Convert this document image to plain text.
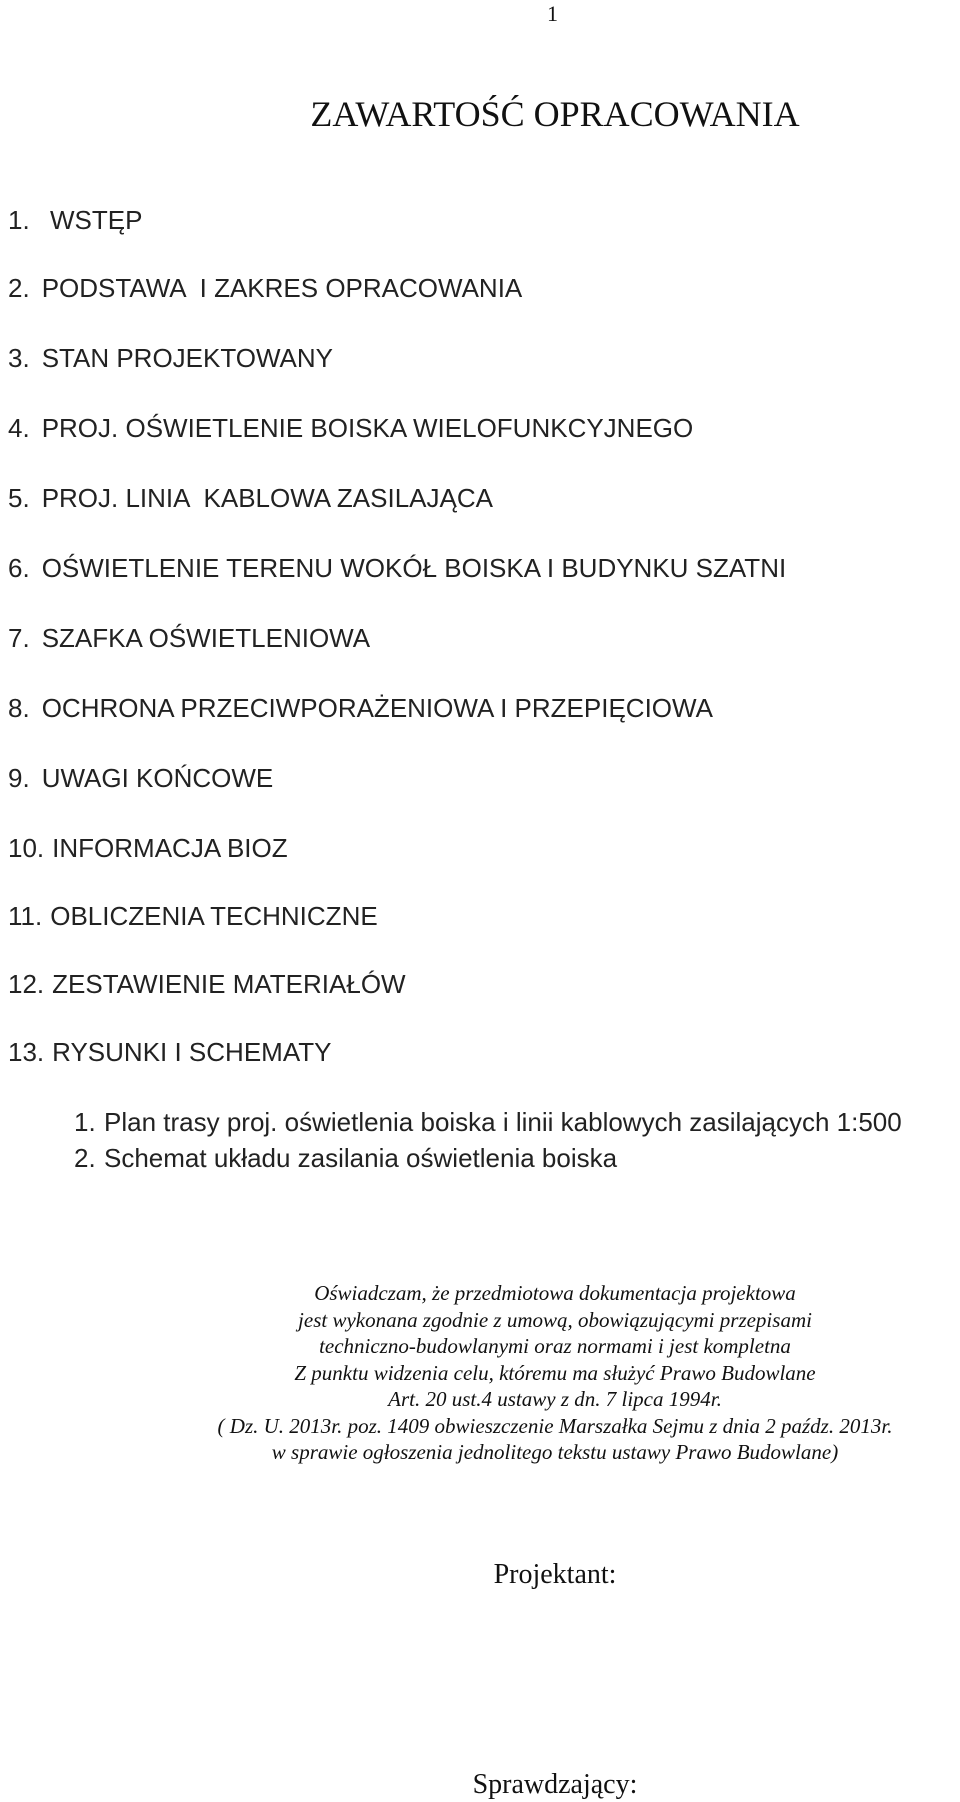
1
ZAWARTOŚĆ OPRACOWANIA
1. WSTĘP
2. PODSTAWA  I ZAKRES OPRACOWANIA
3. STAN PROJEKTOWANY
4. PROJ. OŚWIETLENIE BOISKA WIELOFUNKCYJNEGO
5. PROJ. LINIA  KABLOWA ZASILAJĄCA
6. OŚWIETLENIE TERENU WOKÓŁ BOISKA I BUDYNKU SZATNI
7. SZAFKA OŚWIETLENIOWA
8. OCHRONA PRZECIWPORAŻENIOWA I PRZEPIĘCIOWA
9. UWAGI KOŃCOWE
10. INFORMACJA BIOZ
11. OBLICZENIA TECHNICZNE
12. ZESTAWIENIE MATERIAŁÓW
13. RYSUNKI I SCHEMATY
1. Plan trasy proj. oświetlenia boiska i linii kablowych zasilających 1:500
2. Schemat układu zasilania oświetlenia boiska
Oświadczam, że przedmiotowa dokumentacja projektowa
jest wykonana zgodnie z umową, obowiązującymi przepisami
techniczno-budowlanymi oraz normami i jest kompletna
Z punktu widzenia celu, któremu ma służyć Prawo Budowlane
Art. 20 ust.4 ustawy z dn. 7 lipca 1994r.
( Dz. U. 2013r. poz. 1409 obwieszczenie Marszałka Sejmu z dnia 2 paźdz. 2013r.
w sprawie ogłoszenia jednolitego tekstu ustawy Prawo Budowlane)
Projektant:
Sprawdzający:
